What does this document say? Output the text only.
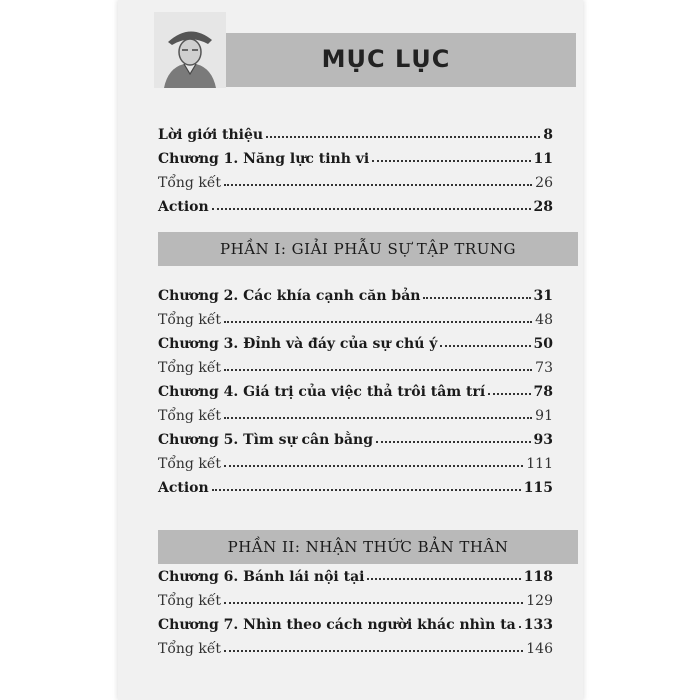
MỤC LỤC
Lời giới thiệu	8
Chương 1. Năng lực tinh vi	11
Tổng kết	26
Action	28
PHẦN I: GIẢI PHẪU SỰ TẬP TRUNG
Chương 2. Các khía cạnh căn bản	31
Tổng kết	48
Chương 3. Đỉnh và đáy của sự chú ý	50
Tổng kết	73
Chương 4. Giá trị của việc thả trôi tâm trí	78
Tổng kết	91
Chương 5. Tìm sự cân bằng	93
Tổng kết	111
Action	115
PHẦN II: NHẬN THỨC BẢN THÂN
Chương 6. Bánh lái nội tại	118
Tổng kết	129
Chương 7. Nhìn theo cách người khác nhìn ta 133
Tổng kết	146
